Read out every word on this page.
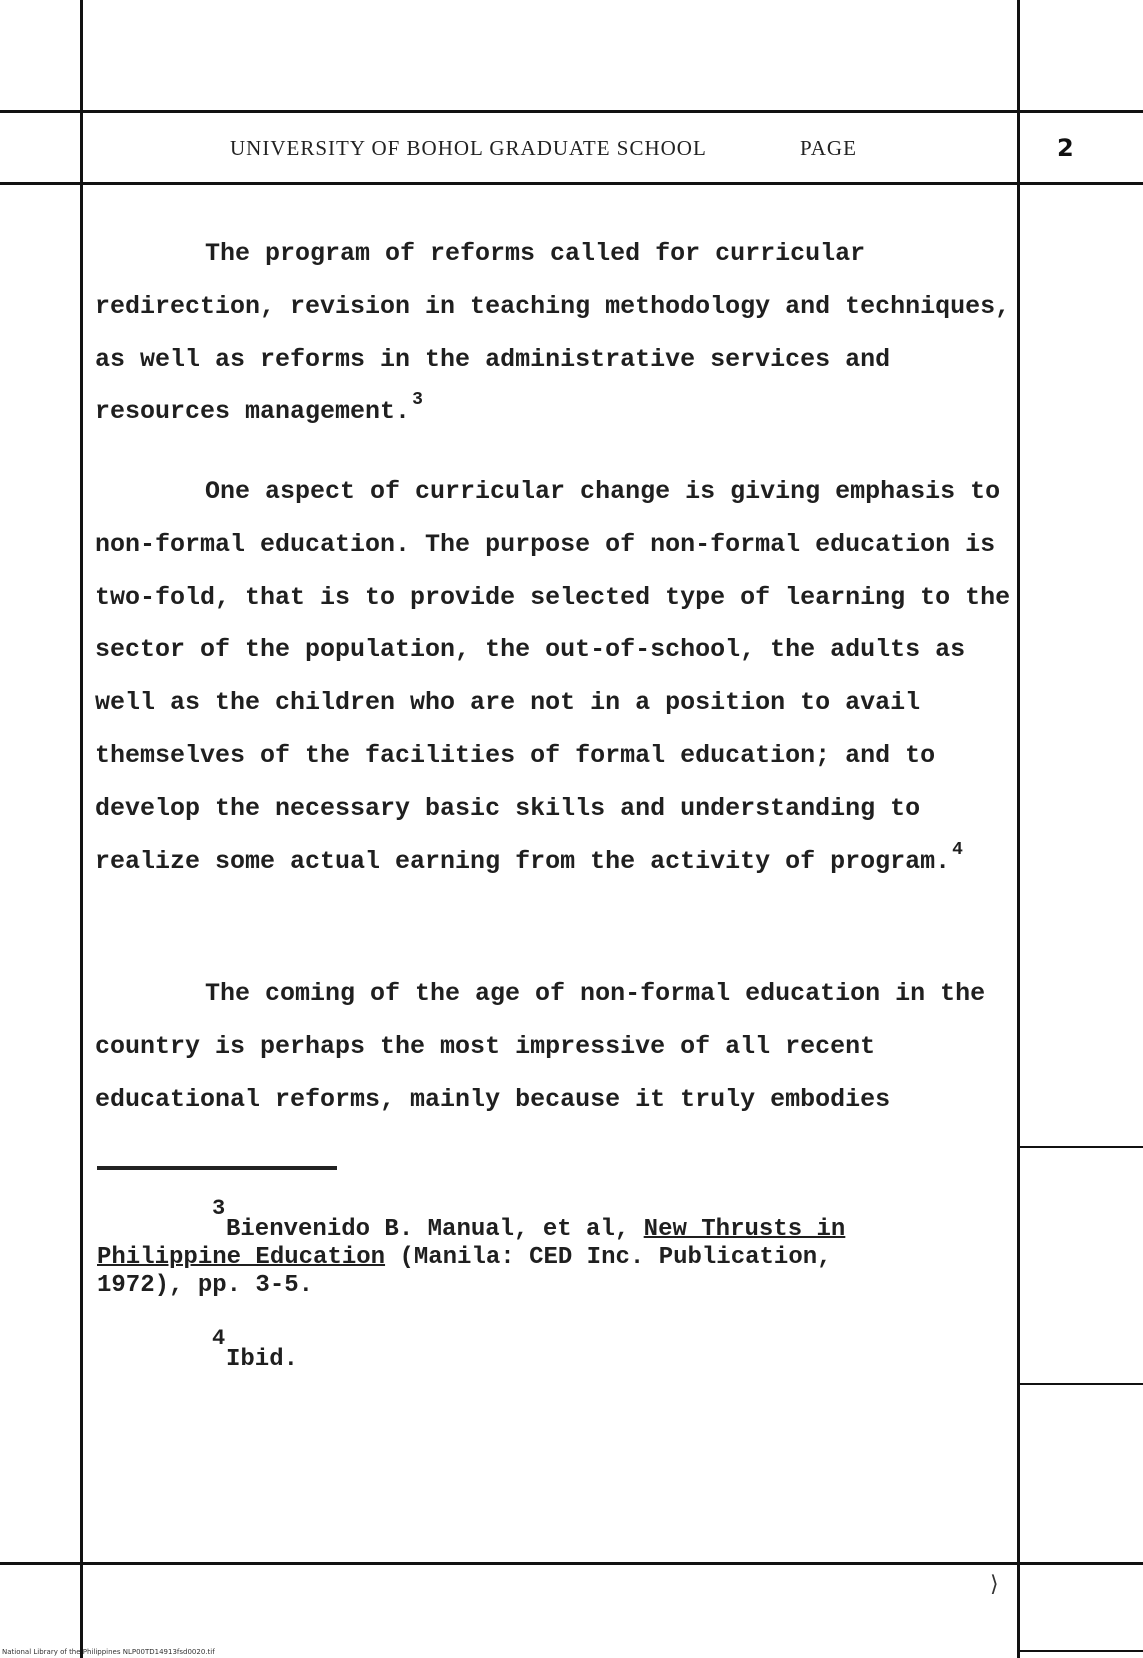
UNIVERSITY OF BOHOL GRADUATE SCHOOL	PAGE	2

The program of reforms called for curricular redirection, revision in teaching methodology and techniques, as well as reforms in the administrative services and resources management. $^3$

One aspect of curricular change is giving emphasis to non-formal education. The purpose of non-formal education is two-fold, that is to provide selected type of learning to the sector of the population, the out-of-school, the adults as well as the children who are not in a position to avail themselves of the facilities of formal education; and to develop the necessary basic skills and understanding to realize some actual earning from the activity of program. $^4$

The coming of the age of non-formal education in the country is perhaps the most impressive of all recent educational reforms, mainly because it truly embodies

3
Bienvenido B. Manual, et al, New Thrusts in
Philippine Education (Manila: CED Inc. Publication,
1972), pp. 3-5.
4
Ibid.
⟩
National Library of the Philippines NLP00TD14913fsd0020.tif
